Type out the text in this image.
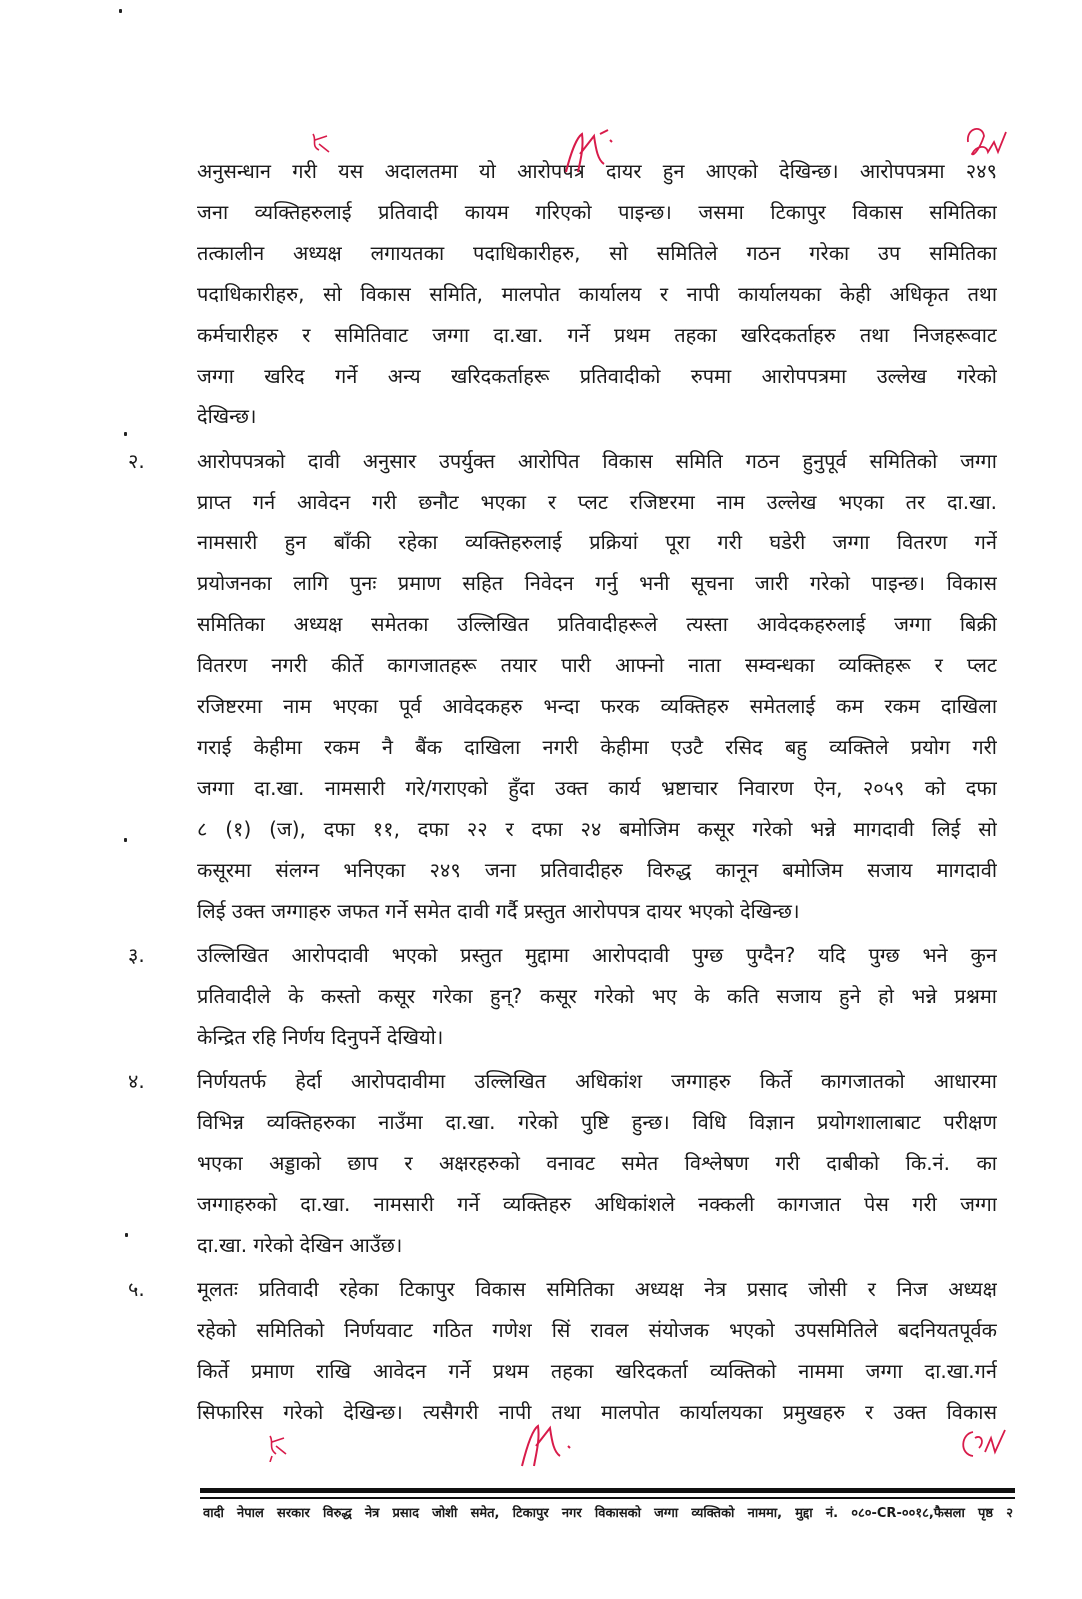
अनुसन्धान गरी यस अदालतमा यो आरोपपत्र दायर हुन आएको देखिन्छ। आरोपपत्रमा २४९
जना व्यक्तिहरुलाई प्रतिवादी कायम गरिएको पाइन्छ। जसमा टिकापुर विकास समितिका
तत्कालीन अध्यक्ष लगायतका पदाधिकारीहरु, सो समितिले गठन गरेका उप समितिका
पदाधिकारीहरु, सो विकास समिति, मालपोत कार्यालय र नापी कार्यालयका केही अधिकृत तथा
कर्मचारीहरु र समितिवाट जग्गा दा.खा. गर्ने प्रथम तहका खरिदकर्ताहरु तथा निजहरूवाट
जग्गा खरिद गर्ने अन्य खरिदकर्ताहरू प्रतिवादीको रुपमा आरोपपत्रमा उल्लेख गरेको
देखिन्छ।
२.	आरोपपत्रको दावी अनुसार उपर्युक्त आरोपित विकास समिति गठन हुनुपूर्व समितिको जग्गा
प्राप्त गर्न आवेदन गरी छनौट भएका र प्लट रजिष्टरमा नाम उल्लेख भएका तर दा.खा.
नामसारी हुन बाँकी रहेका व्यक्तिहरुलाई प्रक्रियां पूरा गरी घडेरी जग्गा वितरण गर्ने
प्रयोजनका लागि पुनः प्रमाण सहित निवेदन गर्नु भनी सूचना जारी गरेको पाइन्छ। विकास
समितिका अध्यक्ष समेतका उल्लिखित प्रतिवादीहरूले त्यस्ता आवेदकहरुलाई जग्गा बिक्री
वितरण नगरी कीर्ते कागजातहरू तयार पारी आफ्नो नाता सम्वन्धका व्यक्तिहरू र प्लट
रजिष्टरमा नाम भएका पूर्व आवेदकहरु भन्दा फरक व्यक्तिहरु समेतलाई कम रकम दाखिला
गराई केहीमा रकम नै बैंक दाखिला नगरी केहीमा एउटै रसिद बहु व्यक्तिले प्रयोग गरी
जग्गा दा.खा. नामसारी गरे/गराएको हुँदा उक्त कार्य भ्रष्टाचार निवारण ऐन, २०५९ को दफा
८ (१) (ज), दफा ११, दफा २२ र दफा २४ बमोजिम कसूर गरेको भन्ने मागदावी लिई सो
कसूरमा संलग्न भनिएका २४९ जना प्रतिवादीहरु विरुद्ध कानून बमोजिम सजाय मागदावी
लिई उक्त जग्गाहरु जफत गर्ने समेत दावी गर्दै प्रस्तुत आरोपपत्र दायर भएको देखिन्छ।
३.	उल्लिखित आरोपदावी भएको प्रस्तुत मुद्दामा आरोपदावी पुग्छ पुग्दैन? यदि पुग्छ भने कुन
प्रतिवादीले के कस्तो कसूर गरेका हुन्? कसूर गरेको भए के कति सजाय हुने हो भन्ने प्रश्नमा
केन्द्रित रहि निर्णय दिनुपर्ने देखियो।
४.	निर्णयतर्फ हेर्दा आरोपदावीमा उल्लिखित अधिकांश जग्गाहरु किर्ते कागजातको आधारमा
विभिन्न व्यक्तिहरुका नाउँमा दा.खा. गरेको पुष्टि हुन्छ। विधि विज्ञान प्रयोगशालाबाट परीक्षण
भएका अड्डाको छाप र अक्षरहरुको वनावट समेत विश्लेषण गरी दाबीको कि.नं. का
जग्गाहरुको दा.खा. नामसारी गर्ने व्यक्तिहरु अधिकांशले नक्कली कागजात पेस गरी जग्गा
दा.खा. गरेको देखिन आउँछ।
५.	मूलतः प्रतिवादी रहेका टिकापुर विकास समितिका अध्यक्ष नेत्र प्रसाद जोसी र निज अध्यक्ष
रहेको समितिको निर्णयवाट गठित गणेश सिं रावल संयोजक भएको उपसमितिले बदनियतपूर्वक
किर्ते प्रमाण राखि आवेदन गर्ने प्रथम तहका खरिदकर्ता व्यक्तिको नाममा जग्गा दा.खा.गर्न
सिफारिस गरेको देखिन्छ। त्यसैगरी नापी तथा मालपोत कार्यालयका प्रमुखहरु र उक्त विकास
वादी नेपाल सरकार विरुद्ध नेत्र प्रसाद जोशी समेत, टिकापुर नगर विकासको जग्गा व्यक्तिको नाममा, मुद्दा नं. ०८०-CR-००१८,फैसला पृष्ठ २
